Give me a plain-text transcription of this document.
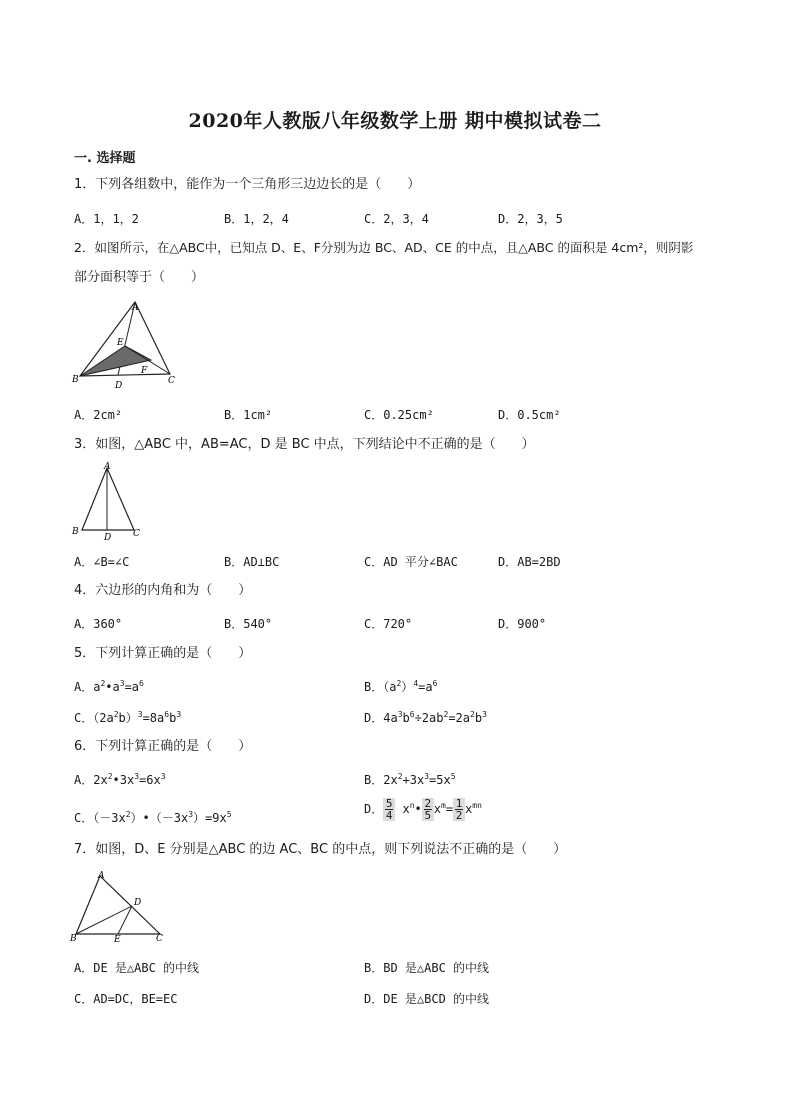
2020年人教版八年级数学上册 期中模拟试卷二
一. 选择题
1．下列各组数中，能作为一个三角形三边边长的是（　　）
A．1，1，2	B．1，2，4	C．2，3，4	D．2，3，5
2．如图所示，在△ABC中，已知点 D、E、F分别为边 BC、AD、CE 的中点，且△ABC 的面积是 4cm²，则阴影
部分面积等于（　　）
A
B	C
D
E
F
A．2cm²	B．1cm²	C．0.25cm²	D．0.5cm²
3．如图，△ABC 中，AB=AC，D 是 BC 中点，下列结论中不正确的是（　　）
A
B	C
D
A．∠B=∠C	B．AD⊥BC	C．AD 平分∠BAC	D．AB=2BD
4．六边形的内角和为（　　）
A．360°	B．540°	C．720°	D．900°
5．下列计算正确的是（　　）
A．$a^2•a^3=a^6$	B．$(a^2)^4=a^6$
C．$(2a^2b)^3=8a^6b^3$	D．$4a^3b^6\div 2ab^2=2a^2b^3$
6．下列计算正确的是（　　）
A．$2x^2•3x^3=6x^3$	B．$2x^2+3x^3=5x^5$
C．$(-3x^2)•(-3x^3)=9x^5$	D． $\frac{5}{4}$ $x^n• \frac{2}{5} x^m= \frac{1}{2} x^{mn}$
7．如图，D、E 分别是△ABC 的边 AC、BC 的中点，则下列说法不正确的是（　　）
A
B	C
D
E
A．DE 是△ABC 的中线	B．BD 是△ABC 的中线
C．AD=DC，BE=EC	D．DE 是△BCD 的中线
